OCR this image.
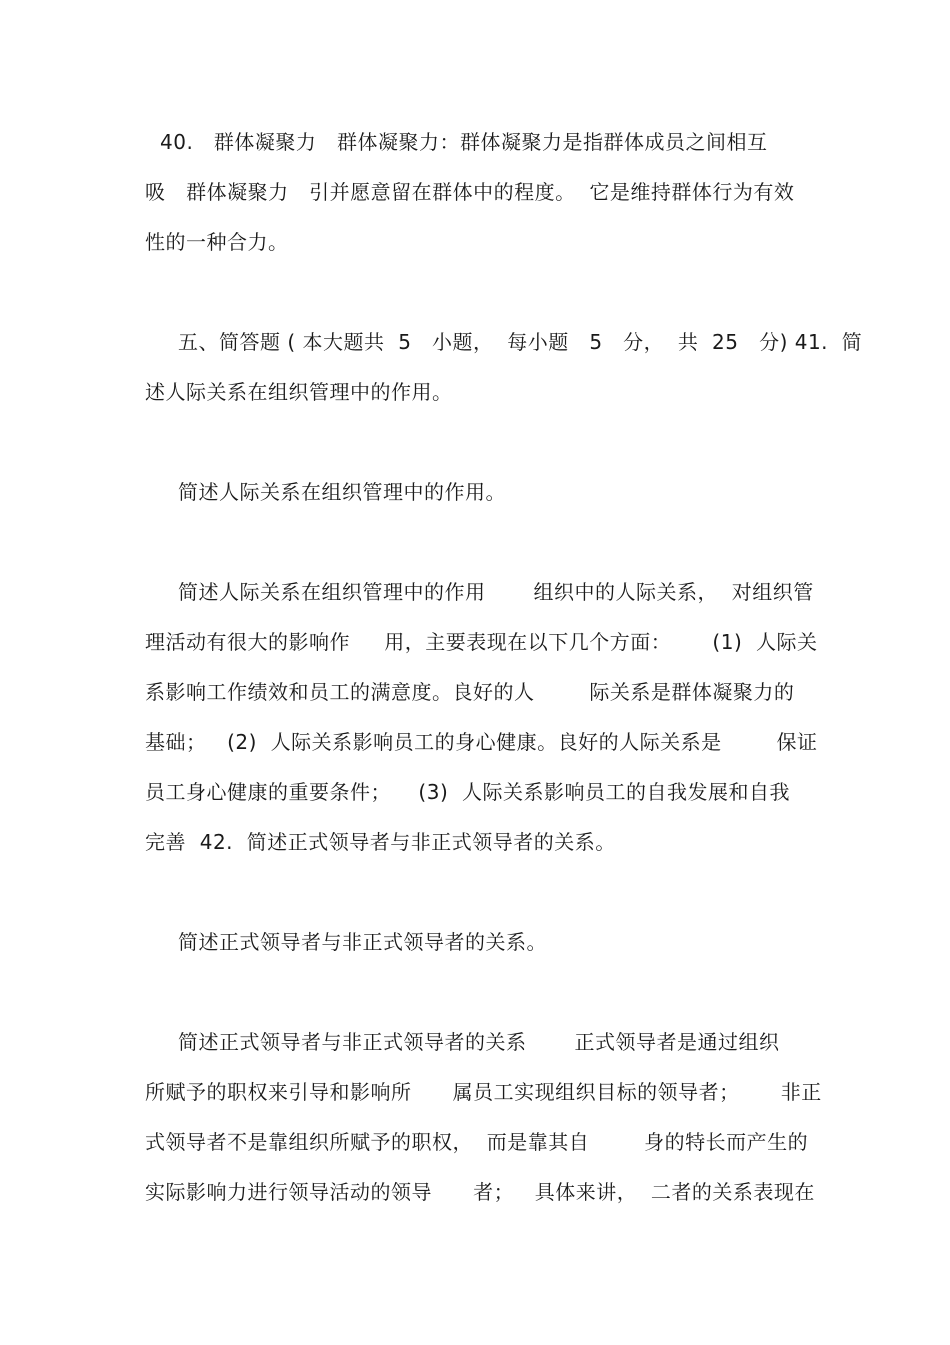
40.   群体凝聚力   群体凝聚力：群体凝聚力是指群体成员之间相互
吸   群体凝聚力   引并愿意留在群体中的程度。  它是维持群体行为有效
性的一种合力。
五、简答题 ( 本大题共  5   小题，  每小题   5   分，  共  25   分) 41.  简
述人际关系在组织管理中的作用。
简述人际关系在组织管理中的作用。
简述人际关系在组织管理中的作用       组织中的人际关系，  对组织管
理活动有很大的影响作     用，主要表现在以下几个方面：      (1)  人际关
系影响工作绩效和员工的满意度。良好的人        际关系是群体凝聚力的
基础；   (2)  人际关系影响员工的身心健康。良好的人际关系是        保证
员工身心健康的重要条件；    (3)  人际关系影响员工的自我发展和自我
完善  42.  简述正式领导者与非正式领导者的关系。
简述正式领导者与非正式领导者的关系。
简述正式领导者与非正式领导者的关系       正式领导者是通过组织
所赋予的职权来引导和影响所      属员工实现组织目标的领导者；      非正
式领导者不是靠组织所赋予的职权，  而是靠其自        身的特长而产生的
实际影响力进行领导活动的领导      者；   具体来讲，  二者的关系表现在
